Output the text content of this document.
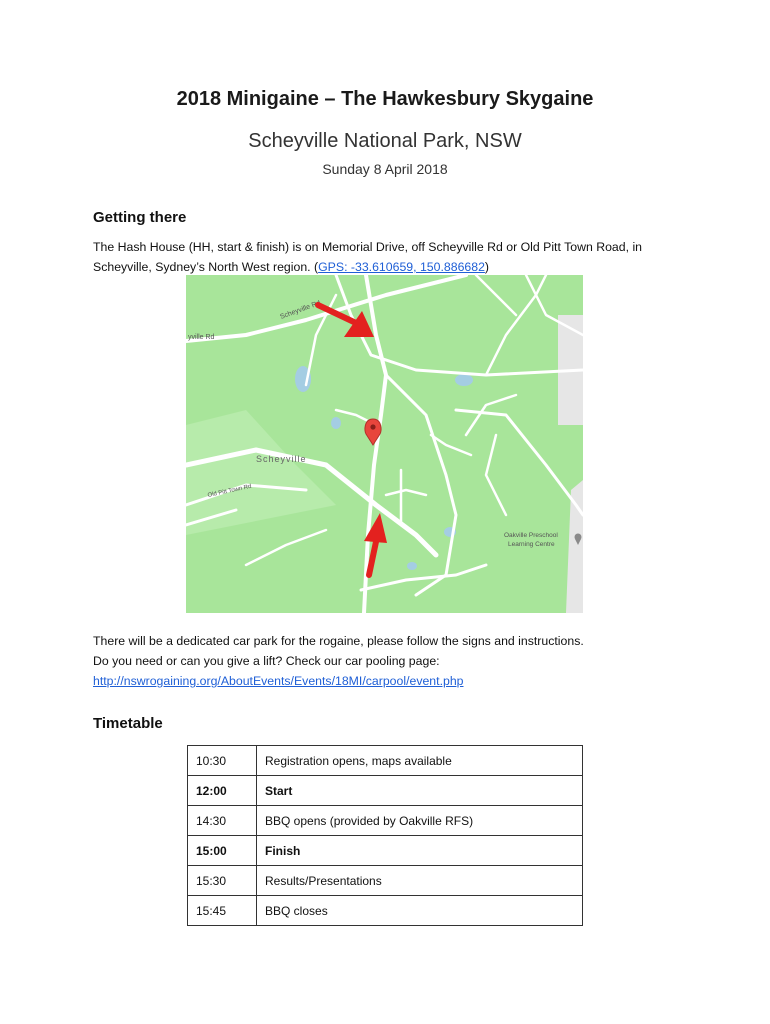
2018 Minigaine – The Hawkesbury Skygaine
Scheyville National Park, NSW
Sunday 8 April 2018
Getting there
The Hash House (HH, start & finish) is on Memorial Drive, off Scheyville Rd or Old Pitt Town Road, in Scheyville, Sydney’s North West region. (GPS: -33.610659, 150.886682)
Scheyville Rd
yville Rd
Scheyville
Old Pitt Town Rd
Oakville Preschool
Learning Centre
There will be a dedicated car park for the rogaine, please follow the signs and instructions.
Do you need or can you give a lift? Check our car pooling page:
http://nswrogaining.org/AboutEvents/Events/18MI/carpool/event.php
Timetable
10:30	Registration opens, maps available
12:00	Start
14:30	BBQ opens (provided by Oakville RFS)
15:00	Finish
15:30	Results/Presentations
15:45	BBQ closes
